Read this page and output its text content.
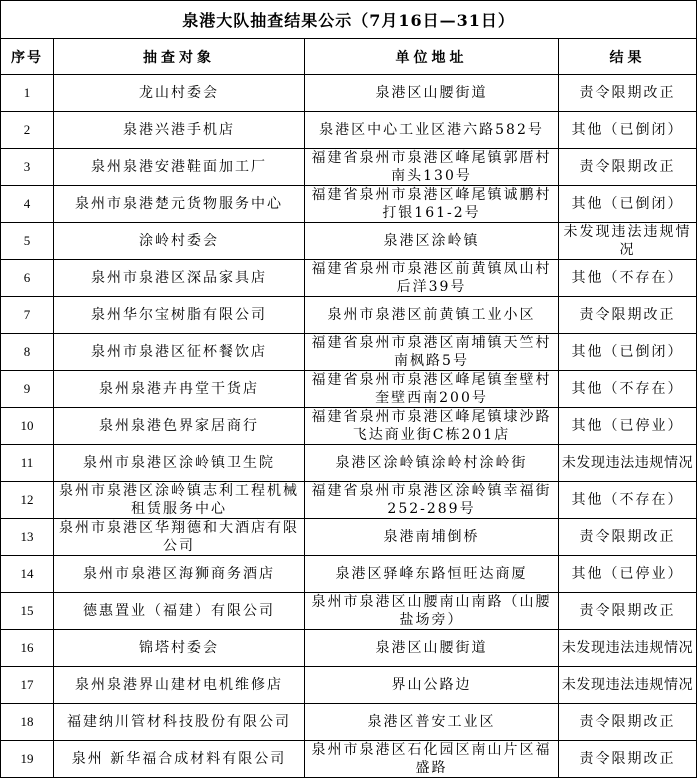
泉港大队抽查结果公示（7月16日—31日）			
序号	抽查对象	单位地址	结果
1	龙山村委会	泉港区山腰街道	责令限期改正
2	泉港兴港手机店	泉港区中心工业区港六路582号	其他（已倒闭）
3	泉州泉港安港鞋面加工厂	福建省泉州市泉港区峰尾镇郭厝村南头130号	责令限期改正
4	泉州市泉港楚元货物服务中心	福建省泉州市泉港区峰尾镇诚鹏村打银161-2号	其他（已倒闭）
5	涂岭村委会	泉港区涂岭镇	未发现违法违规情况
6	泉州市泉港区深品家具店	福建省泉州市泉港区前黄镇凤山村后洋39号	其他（不存在）
7	泉州华尔宝树脂有限公司	泉州市泉港区前黄镇工业小区	责令限期改正
8	泉州市泉港区征杯餐饮店	福建省泉州市泉港区南埔镇天竺村南枫路5号	其他（已倒闭）
9	泉州泉港卉冉堂干货店	福建省泉州市泉港区峰尾镇奎壁村奎壁西南200号	其他（不存在）
10	泉州泉港色界家居商行	福建省泉州市泉港区峰尾镇埭沙路飞达商业街C栋201店	其他（已停业）
11	泉州市泉港区涂岭镇卫生院	泉港区涂岭镇涂岭村涂岭街	未发现违法违规情况
12	泉州市泉港区涂岭镇志利工程机械租赁服务中心	福建省泉州市泉港区涂岭镇幸福街252-289号	其他（不存在）
13	泉州市泉港区华翔德和大酒店有限公司	泉港南埔倒桥	责令限期改正
14	泉州市泉港区海狮商务酒店	泉港区驿峰东路恒旺达商厦	其他（已停业）
15	德惠置业（福建）有限公司	泉州市泉港区山腰南山南路（山腰盐场旁）	责令限期改正
16	锦塔村委会	泉港区山腰街道	未发现违法违规情况
17	泉州泉港界山建材电机维修店	界山公路边	未发现违法违规情况
18	福建纳川管材科技股份有限公司	泉港区普安工业区	责令限期改正
19	泉州 新华福合成材料有限公司	泉州市泉港区石化园区南山片区福盛路	责令限期改正
